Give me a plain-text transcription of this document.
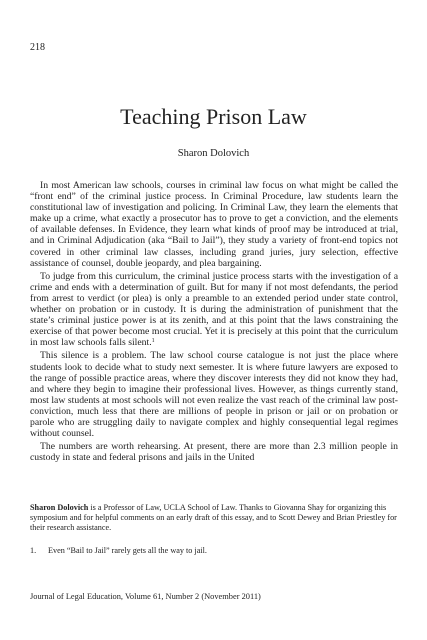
218
Teaching Prison Law
Sharon Dolovich

In most American law schools, courses in criminal law focus on what might be called the “front end” of the criminal justice process. In Criminal Procedure, law students learn the constitutional law of investigation and policing. In Criminal Law, they learn the elements that make up a crime, what exactly a prosecutor has to prove to get a conviction, and the elements of available defenses. In Evidence, they learn what kinds of proof may be introduced at trial, and in Criminal Adjudication (aka “Bail to Jail”), they study a variety of front-end topics not covered in other criminal law classes, including grand juries, jury selection, effective assistance of counsel, double jeopardy, and plea bargaining.

To judge from this curriculum, the criminal justice process starts with the investigation of a crime and ends with a determination of guilt. But for many if not most defendants, the period from arrest to verdict (or plea) is only a preamble to an extended period under state control, whether on probation or in custody. It is during the administration of punishment that the state’s criminal justice power is at its zenith, and at this point that the laws constraining the exercise of that power become most crucial. Yet it is precisely at this point that the curriculum in most law schools falls silent.$^1$

This silence is a problem. The law school course catalogue is not just the place where students look to decide what to study next semester. It is where future lawyers are exposed to the range of possible practice areas, where they discover interests they did not know they had, and where they begin to imagine their professional lives. However, as things currently stand, most law students at most schools will not even realize the vast reach of the criminal law post-conviction, much less that there are millions of people in prison or jail or on probation or parole who are struggling daily to navigate complex and highly consequential legal regimes without counsel.

The numbers are worth rehearsing. At present, there are more than 2.3 million people in custody in state and federal prisons and jails in the United

Sharon Dolovich is a Professor of Law, UCLA School of Law. Thanks to Giovanna Shay for organizing this symposium and for helpful comments on an early draft of this essay, and to Scott Dewey and Brian Priestley for their research assistance.
1. Even “Bail to Jail” rarely gets all the way to jail.
Journal of Legal Education, Volume 61, Number 2 (November 2011)
